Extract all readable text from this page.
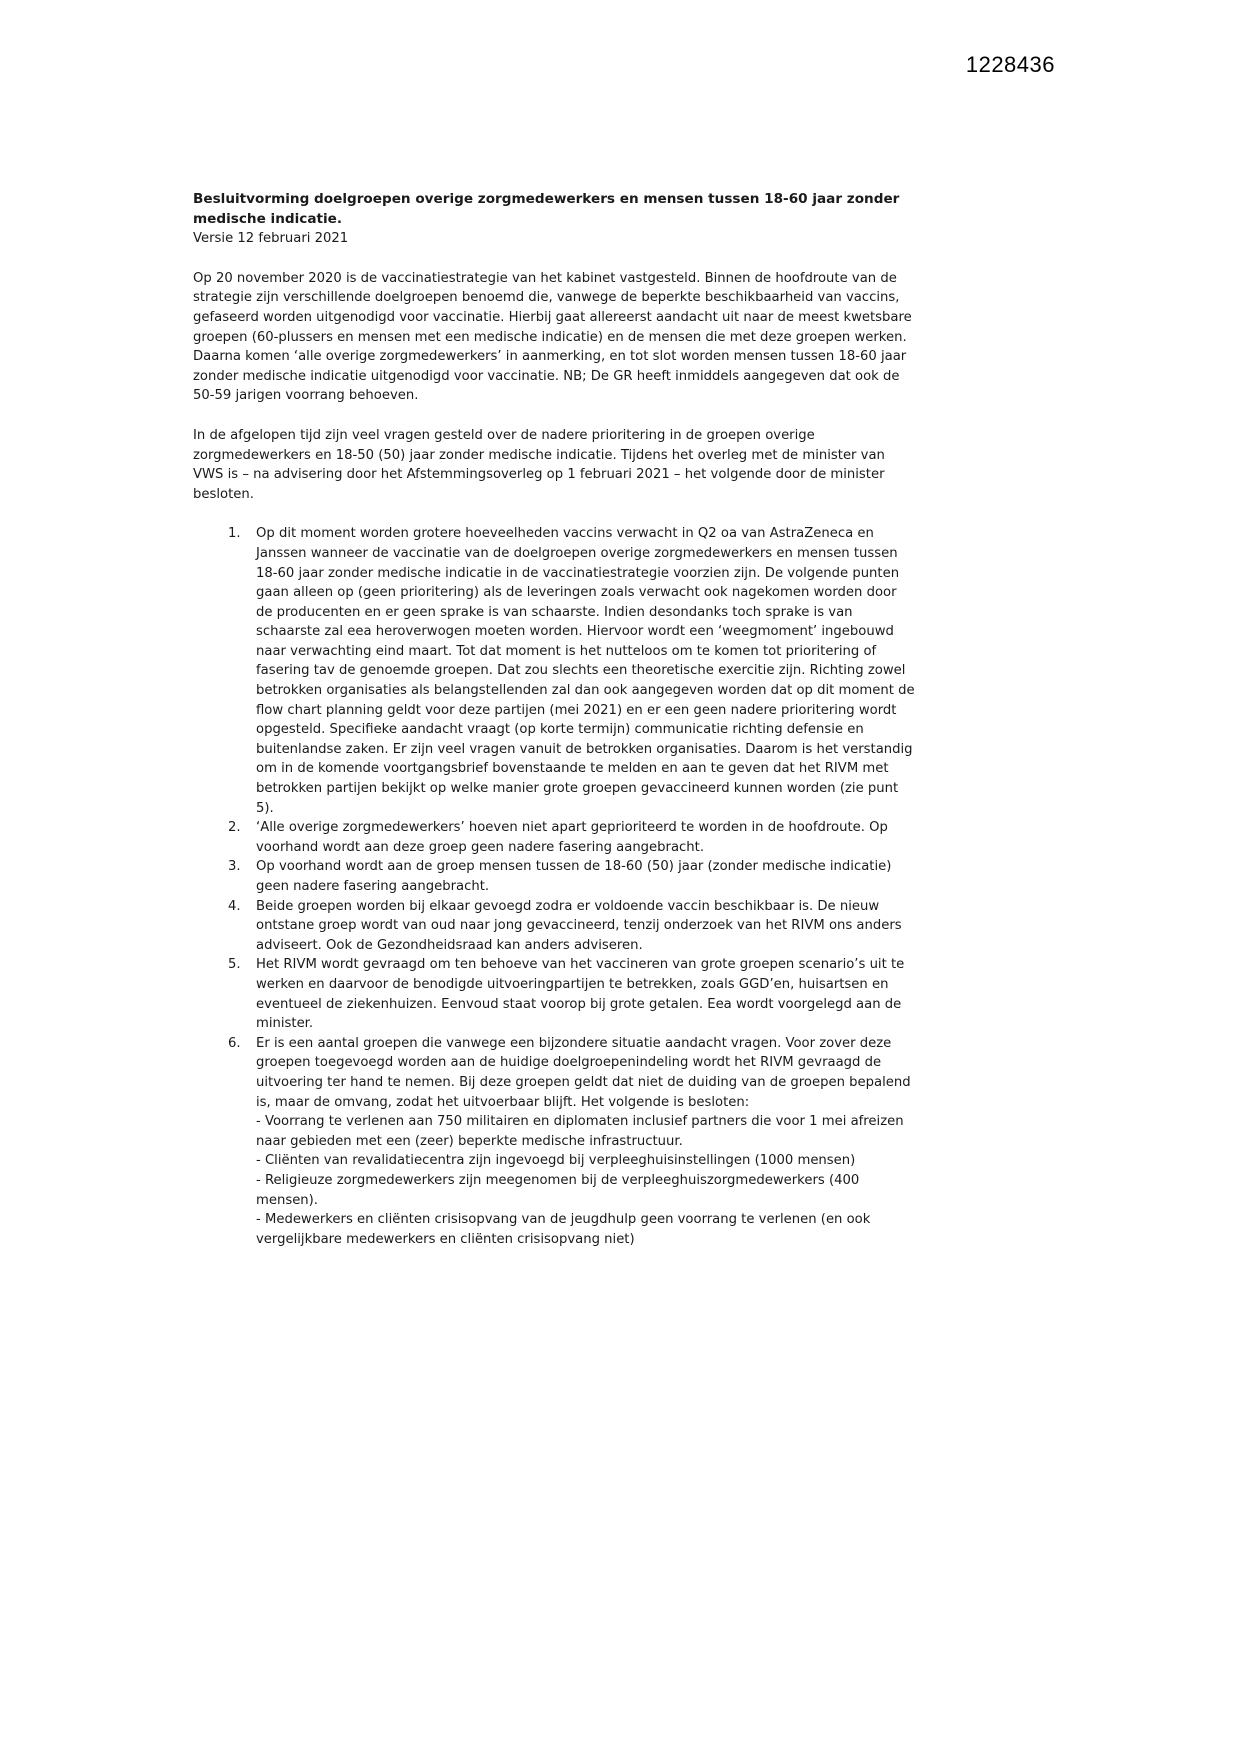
1228436
Besluitvorming doelgroepen overige zorgmedewerkers en mensen tussen 18-60 jaar zonder medische indicatie.
Versie 12 februari 2021

Op 20 november 2020 is de vaccinatiestrategie van het kabinet vastgesteld. Binnen de hoofdroute van de strategie zijn verschillende doelgroepen benoemd die, vanwege de beperkte beschikbaarheid van vaccins, gefaseerd worden uitgenodigd voor vaccinatie. Hierbij gaat allereerst aandacht uit naar de meest kwetsbare groepen (60-plussers en mensen met een medische indicatie) en de mensen die met deze groepen werken. Daarna komen ‘alle overige zorgmedewerkers’ in aanmerking, en tot slot worden mensen tussen 18-60 jaar zonder medische indicatie uitgenodigd voor vaccinatie. NB; De GR heeft inmiddels aangegeven dat ook de 50-59 jarigen voorrang behoeven.

In de afgelopen tijd zijn veel vragen gesteld over de nadere prioritering in de groepen overige zorgmedewerkers en 18-50 (50) jaar zonder medische indicatie. Tijdens het overleg met de minister van VWS is – na advisering door het Afstemmingsoverleg op 1 februari 2021 – het volgende door de minister besloten.

1.	Op dit moment worden grotere hoeveelheden vaccins verwacht in Q2 oa van AstraZeneca en Janssen wanneer de vaccinatie van de doelgroepen overige zorgmedewerkers en mensen tussen 18-60 jaar zonder medische indicatie in de vaccinatiestrategie voorzien zijn. De volgende punten gaan alleen op (geen prioritering) als de leveringen zoals verwacht ook nagekomen worden door de producenten en er geen sprake is van schaarste. Indien desondanks toch sprake is van schaarste zal eea heroverwogen moeten worden. Hiervoor wordt een ‘weegmoment’ ingebouwd naar verwachting eind maart. Tot dat moment is het nutteloos om te komen tot prioritering of fasering tav de genoemde groepen. Dat zou slechts een theoretische exercitie zijn. Richting zowel betrokken organisaties als belangstellenden zal dan ook aangegeven worden dat op dit moment de flow chart planning geldt voor deze partijen (mei 2021) en er een geen nadere prioritering wordt opgesteld. Specifieke aandacht vraagt (op korte termijn) communicatie richting defensie en buitenlandse zaken. Er zijn veel vragen vanuit de betrokken organisaties. Daarom is het verstandig om in de komende voortgangsbrief bovenstaande te melden en aan te geven dat het RIVM met betrokken partijen bekijkt op welke manier grote groepen gevaccineerd kunnen worden (zie punt 5).
2.	‘Alle overige zorgmedewerkers’ hoeven niet apart geprioriteerd te worden in de hoofdroute. Op voorhand wordt aan deze groep geen nadere fasering aangebracht.
3.	Op voorhand wordt aan de groep mensen tussen de 18-60 (50) jaar (zonder medische indicatie) geen nadere fasering aangebracht.
4.	Beide groepen worden bij elkaar gevoegd zodra er voldoende vaccin beschikbaar is. De nieuw ontstane groep wordt van oud naar jong gevaccineerd, tenzij onderzoek van het RIVM ons anders adviseert. Ook de Gezondheidsraad kan anders adviseren.
5.	Het RIVM wordt gevraagd om ten behoeve van het vaccineren van grote groepen scenario’s uit te werken en daarvoor de benodigde uitvoeringpartijen te betrekken, zoals GGD’en, huisartsen en eventueel de ziekenhuizen. Eenvoud staat voorop bij grote getalen. Eea wordt voorgelegd aan de minister.
6.	Er is een aantal groepen die vanwege een bijzondere situatie aandacht vragen. Voor zover deze groepen toegevoegd worden aan de huidige doelgroepenindeling wordt het RIVM gevraagd de uitvoering ter hand te nemen. Bij deze groepen geldt dat niet de duiding van de groepen bepalend is, maar de omvang, zodat het uitvoerbaar blijft. Het volgende is besloten:
- Voorrang te verlenen aan 750 militairen en diplomaten inclusief partners die voor 1 mei afreizen naar gebieden met een (zeer) beperkte medische infrastructuur.
- Cliënten van revalidatiecentra zijn ingevoegd bij verpleeghuisinstellingen (1000 mensen)
- Religieuze zorgmedewerkers zijn meegenomen bij de verpleeghuiszorgmedewerkers (400 mensen).
- Medewerkers en cliënten crisisopvang van de jeugdhulp geen voorrang te verlenen (en ook vergelijkbare medewerkers en cliënten crisisopvang niet)
